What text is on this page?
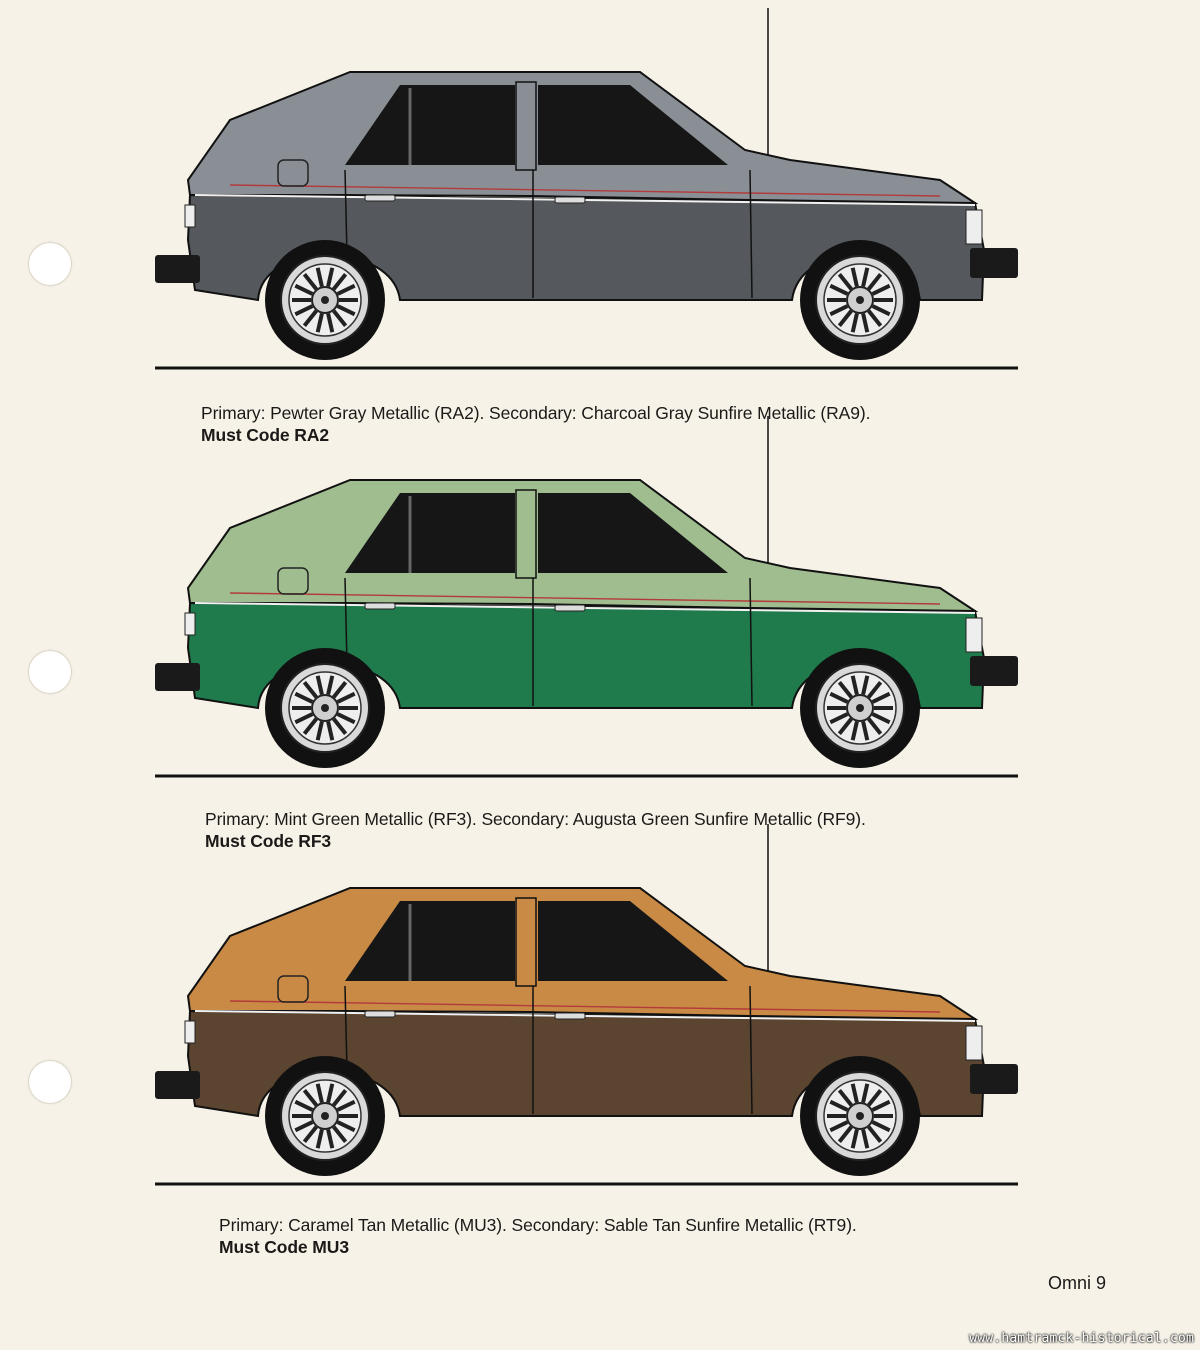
Primary: Pewter Gray Metallic (RA2). Secondary: Charcoal Gray Sunfire Metallic (RA9).
Must Code RA2
Primary: Mint Green Metallic (RF3). Secondary: Augusta Green Sunfire Metallic (RF9).
Must Code RF3
Primary: Caramel Tan Metallic (MU3). Secondary: Sable Tan Sunfire Metallic (RT9).
Must Code MU3
Omni 9
www.hamtramck-historical.com
